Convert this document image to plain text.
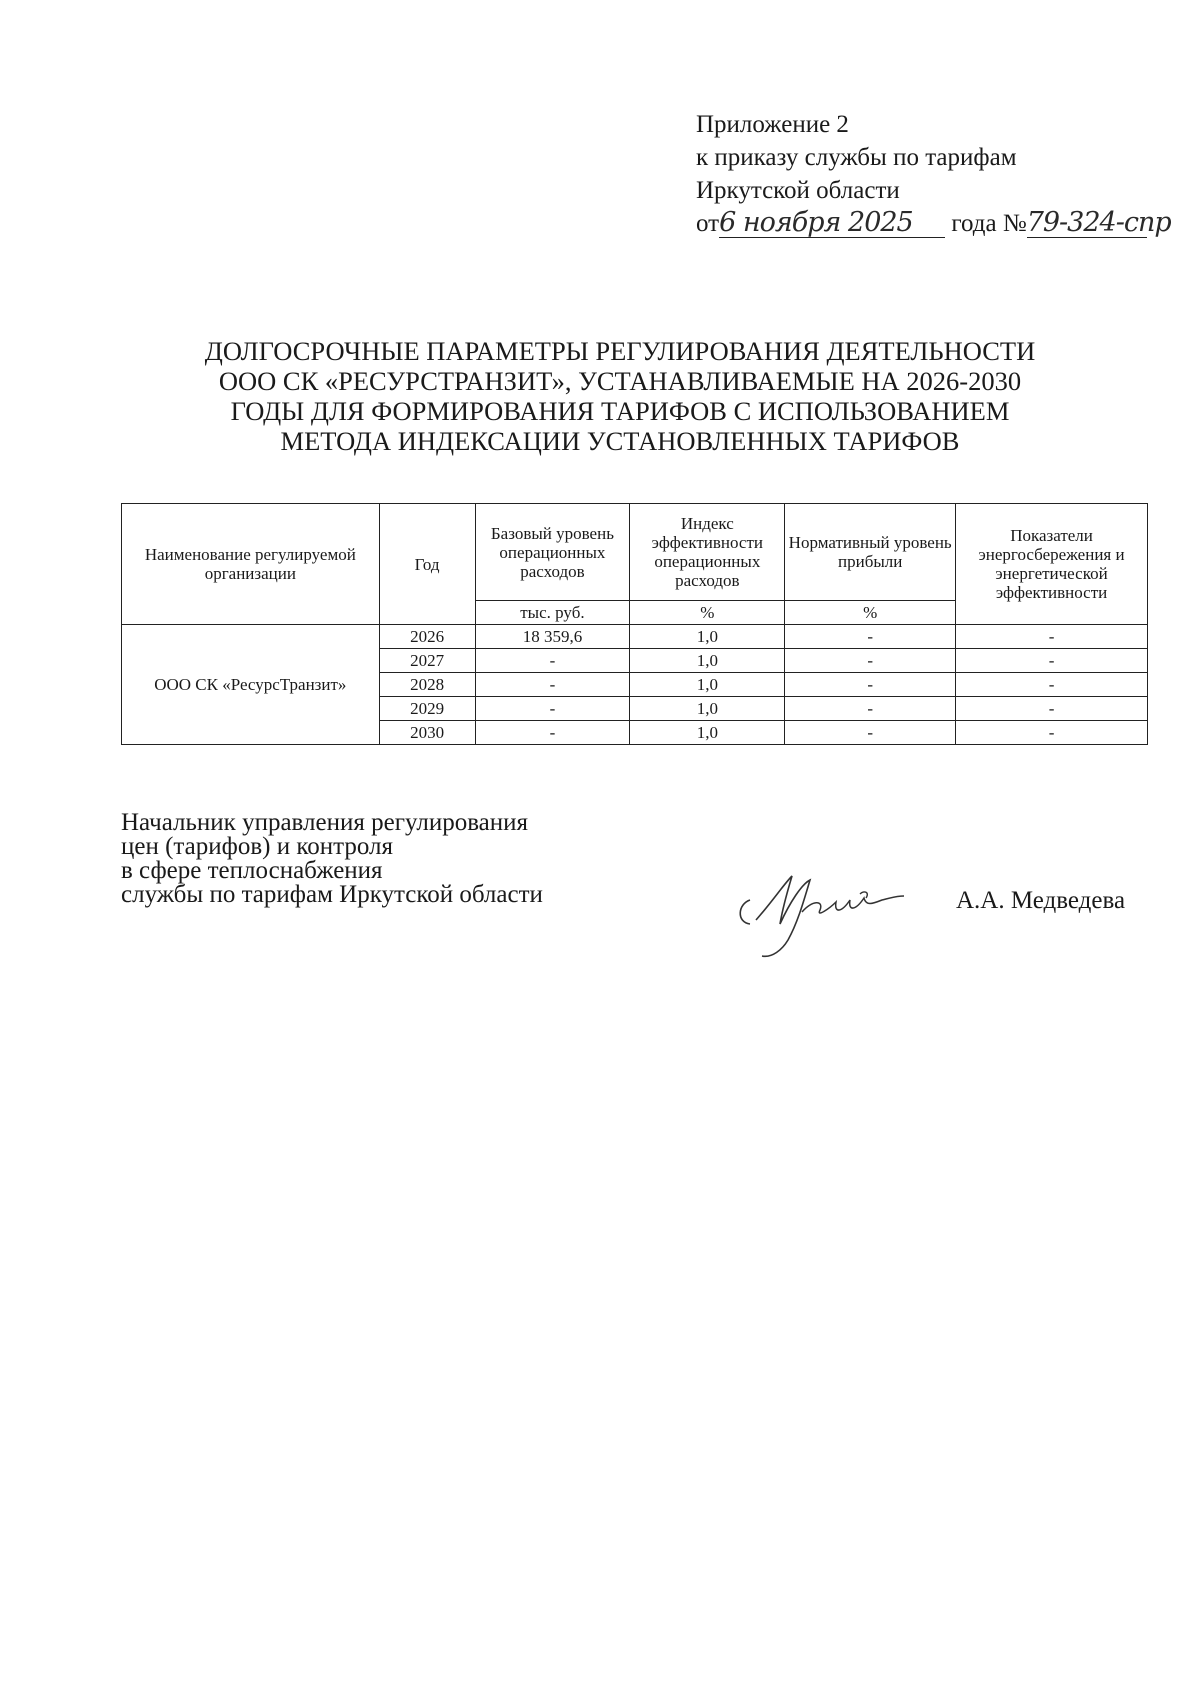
Приложение 2
к приказу службы по тарифам
Иркутской области
от6 ноября 2025 года №79-324-спр
ДОЛГОСРОЧНЫЕ ПАРАМЕТРЫ РЕГУЛИРОВАНИЯ ДЕЯТЕЛЬНОСТИ
ООО СК «РЕСУРСТРАНЗИТ», УСТАНАВЛИВАЕМЫЕ НА 2026-2030
ГОДЫ ДЛЯ ФОРМИРОВАНИЯ ТАРИФОВ С ИСПОЛЬЗОВАНИЕМ
МЕТОДА ИНДЕКСАЦИИ УСТАНОВЛЕННЫХ ТАРИФОВ
Наименование регулируемой организации	Год	Базовый уровень операционных расходов	Индекс эффективности операционных расходов	Нормативный уровень прибыли	Показатели энергосбережения и энергетической эффективности
		тыс. руб.	%	%	
ООО СК «РесурсТранзит»	2026	18 359,6	1,0	-	-
	2027	-	1,0	-	-
	2028	-	1,0	-	-
	2029	-	1,0	-	-
	2030	-	1,0	-	-
Начальник управления регулирования
цен (тарифов) и контроля
в сфере теплоснабжения
службы по тарифам Иркутской области	А.А. Медведева
